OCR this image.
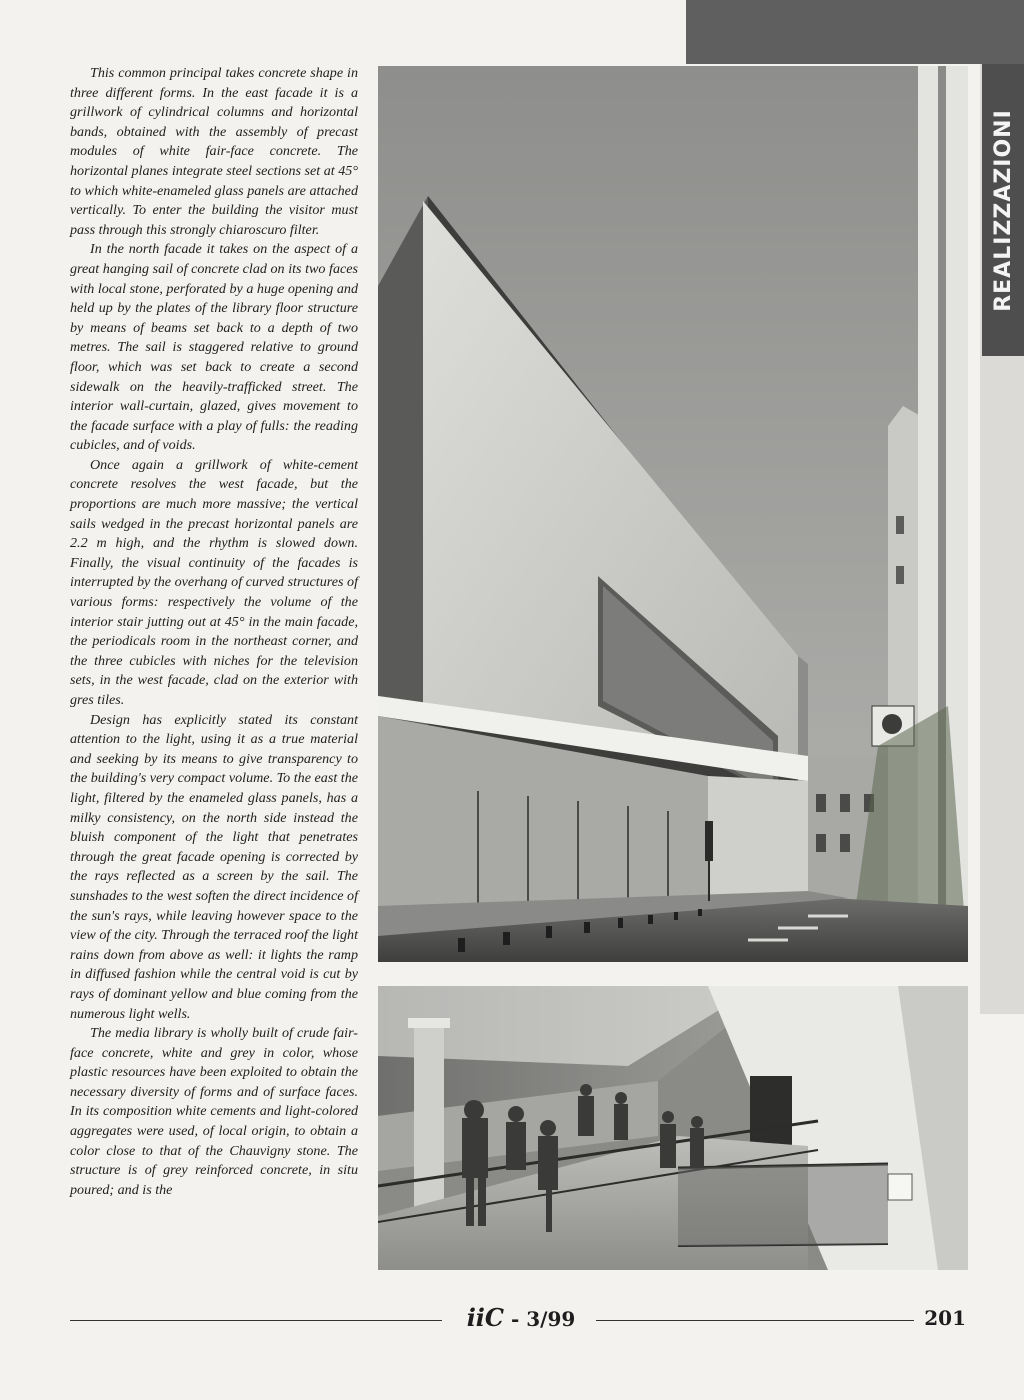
REALIZZAZIONI

This common principal takes concrete shape in three different forms. In the east facade it is a grillwork of cylindrical columns and horizontal bands, obtained with the assembly of precast modules of white fair-face concrete. The horizontal planes integrate steel sections set at 45° to which white-enameled glass panels are attached vertically. To enter the building the visitor must pass through this strongly chiaroscuro filter.

In the north facade it takes on the aspect of a great hanging sail of concrete clad on its two faces with local stone, perforated by a huge opening and held up by the plates of the library floor structure by means of beams set back to a depth of two metres. The sail is staggered relative to ground floor, which was set back to create a second sidewalk on the heavily-trafficked street. The interior wall-curtain, glazed, gives movement to the facade surface with a play of fulls: the reading cubicles, and of voids.

Once again a grillwork of white-cement concrete resolves the west facade, but the proportions are much more massive; the vertical sails wedged in the precast horizontal panels are 2.2 m high, and the rhythm is slowed down. Finally, the visual continuity of the facades is interrupted by the overhang of curved structures of various forms: respectively the volume of the interior stair jutting out at 45° in the main facade, the periodicals room in the northeast corner, and the three cubicles with niches for the television sets, in the west facade, clad on the exterior with gres tiles.

Design has explicitly stated its constant attention to the light, using it as a true material and seeking by its means to give transparency to the building's very compact volume. To the east the light, filtered by the enameled glass panels, has a milky consistency, on the north side instead the bluish component of the light that penetrates through the great facade opening is corrected by the rays reflected as a screen by the sail. The sunshades to the west soften the direct incidence of the sun's rays, while leaving however space to the view of the city. Through the terraced roof the light rains down from above as well: it lights the ramp in diffused fashion while the central void is cut by rays of dominant yellow and blue coming from the numerous light wells.

The media library is wholly built of crude fair-face concrete, white and grey in color, whose plastic resources have been exploited to obtain the necessary diversity of forms and of surface faces. In its composition white cements and light-colored aggregates were used, of local origin, to obtain a color close to that of the Chauvigny stone. The structure is of grey reinforced concrete, in situ poured; and is the

iiC - 3/99	201
